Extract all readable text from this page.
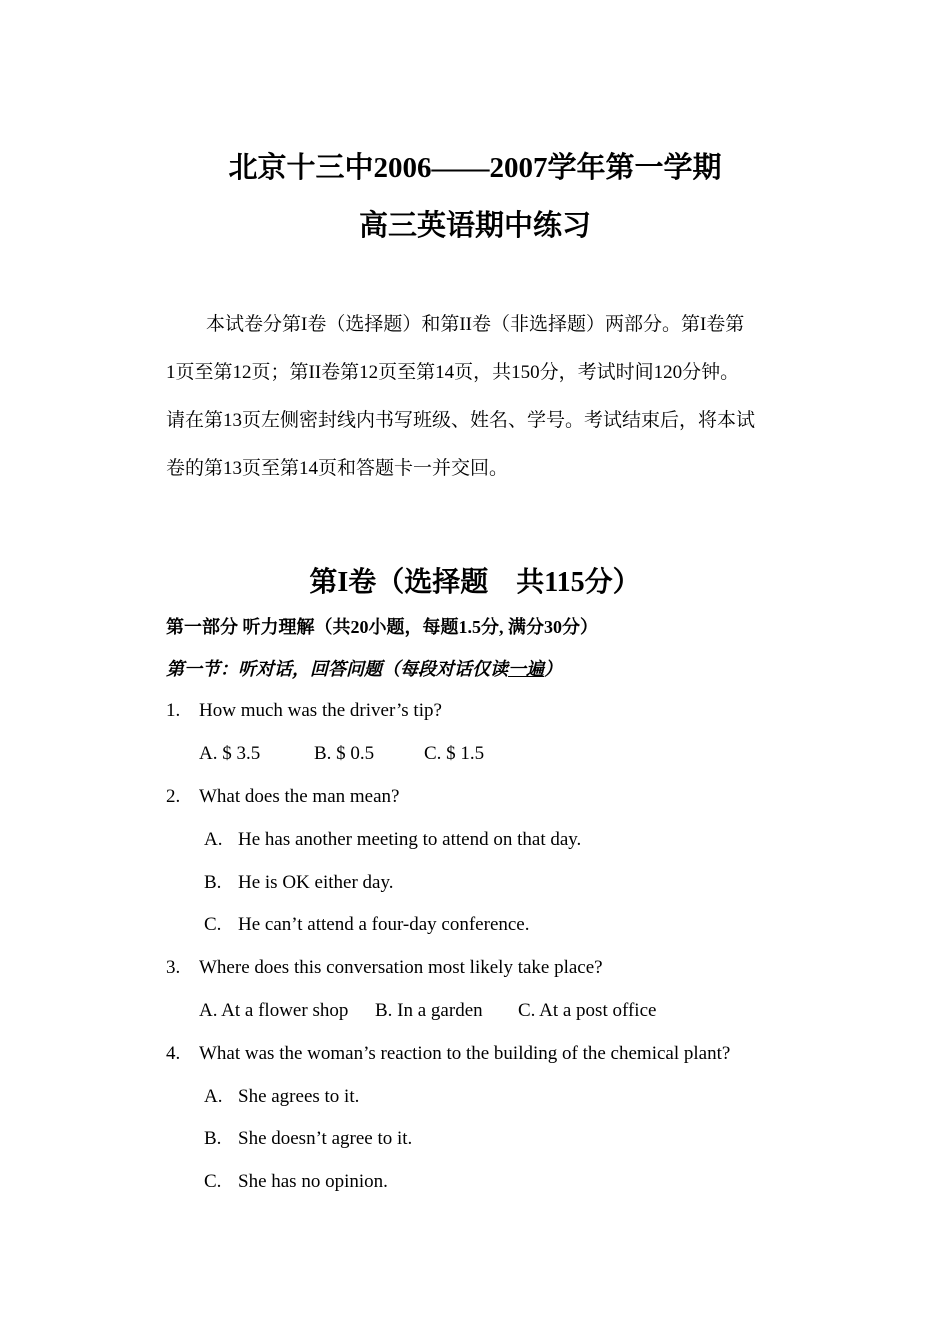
北京十三中2006——2007学年第一学期
高三英语期中练习
本试卷分第I卷（选择题）和第II卷（非选择题）两部分。第I卷第
1页至第12页；第II卷第12页至第14页，共150分，考试时间120分钟。
请在第13页左侧密封线内书写班级、姓名、学号。考试结束后，将本试
卷的第13页至第14页和答题卡一并交回。
第I卷（选择题　共115分）
第一部分 听力理解（共20小题，每题1.5分, 满分30分）
第一节：听对话，回答问题（每段对话仅读一遍）
1. How much was the driver’s tip?
A. $ 3.5	B. $ 0.5	C. $ 1.5
2. What does the man mean?
A. He has another meeting to attend on that day.
B. He is OK either day.
C. He can’t attend a four-day conference.
3. Where does this conversation most likely take place?
A. At a flower shop B. In a garden C. At a post office
4. What was the woman’s reaction to the building of the chemical plant?
A. She agrees to it.
B. She doesn’t agree to it.
C. She has no opinion.
